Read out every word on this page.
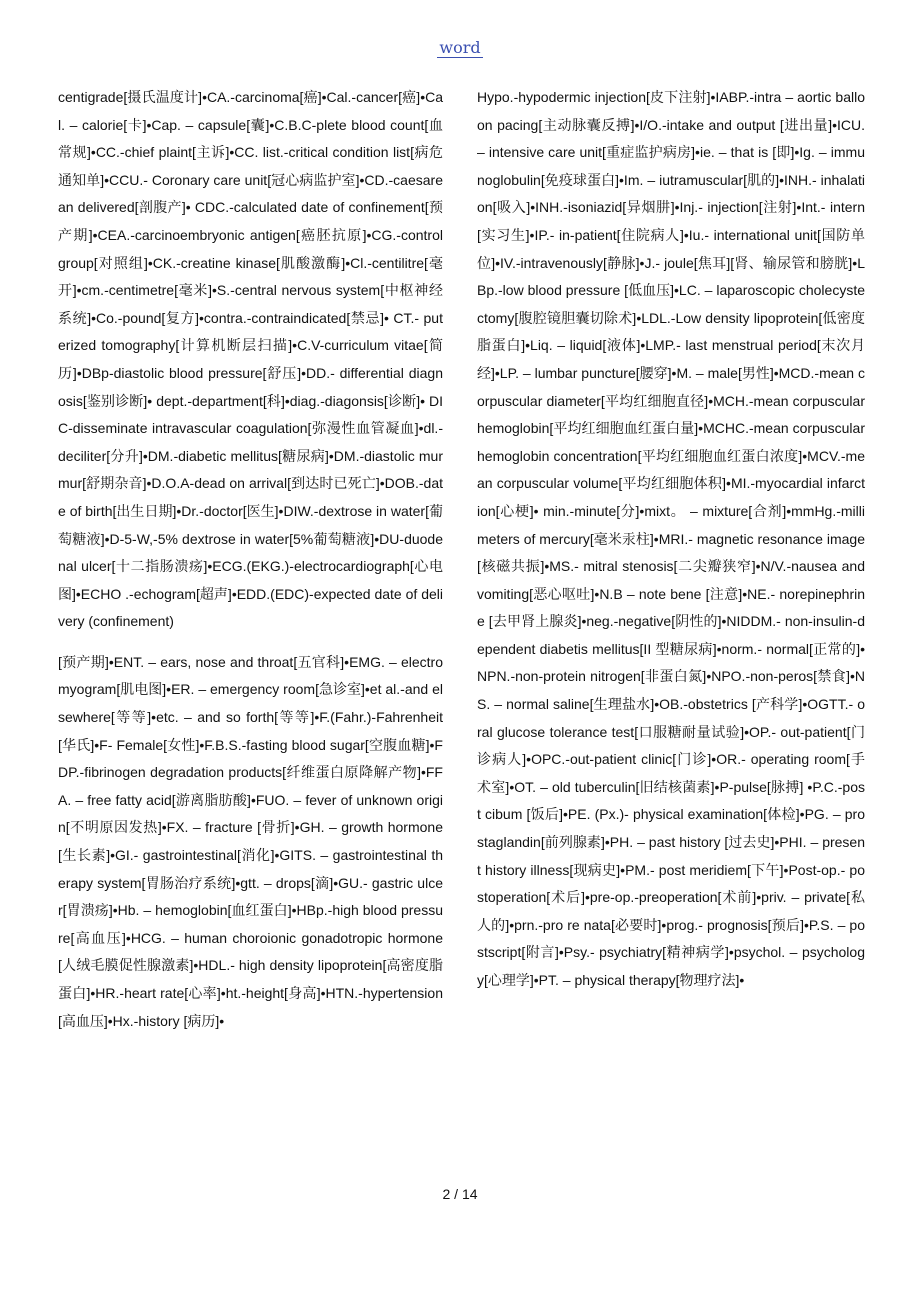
word

centigrade[摄氏温度计]•CA.-carcinoma[癌]•Cal.-cancer[癌]•Cal. – calorie[卡]•Cap. – capsule[囊]•C.B.C-plete blood count[血常规]•CC.-chief plaint[主诉]•CC. list.-critical condition list[病危通知单]•CCU.- Coronary care unit[冠心病监护室]•CD.-caesarean delivered[剖腹产]• CDC.-calculated date of confinement[预产期]•CEA.-carcinoembryonic antigen[癌胚抗原]•CG.-control group[对照组]•CK.-creatine kinase[肌酸激酶]•Cl.-centilitre[毫开]•cm.-centimetre[毫米]•S.-central nervous system[中枢神经系统]•Co.-pound[复方]•contra.-contraindicated[禁忌]• CT.- puterized tomography[计算机断层扫描]•C.V-curriculum vitae[简历]•DBp-diastolic blood pressure[舒压]•DD.- differential diagnosis[鉴别诊断]• dept.-department[科]•diag.-diagonsis[诊断]• DIC-disseminate intravascular coagulation[弥漫性血管凝血]•dl.-deciliter[分升]•DM.-diabetic mellitus[糖尿病]•DM.-diastolic murmur[舒期杂音]•D.O.A-dead on arrival[到达时已死亡]•DOB.-date of birth[出生日期]•Dr.-doctor[医生]•DIW.-dextrose in water[葡萄糖液]•D-5-W,-5% dextrose in water[5%葡萄糖液]•DU-duodenal ulcer[十二指肠溃疡]•ECG.(EKG.)-electrocardiograph[心电图]•ECHO .-echogram[超声]•EDD.(EDC)-expected date of delivery (confinement)

[预产期]•ENT. – ears, nose and throat[五官科]•EMG. – electromyogram[肌电图]•ER. – emergency room[急诊室]•et al.-and elsewhere[等等]•etc. – and so forth[等等]•F.(Fahr.)-Fahrenheit [华氏]•F- Female[女性]•F.B.S.-fasting blood sugar[空腹血糖]•FDP.-fibrinogen degradation products[纤维蛋白原降解产物]•FFA. – free fatty acid[游离脂肪酸]•FUO. – fever of unknown origin[不明原因发热]•FX. – fracture [骨折]•GH. – growth hormone[生长素]•GI.- gastrointestinal[消化]•GITS. – gastrointestinal therapy system[胃肠治疗系统]•gtt. – drops[滴]•GU.- gastric ulcer[胃溃疡]•Hb. – hemoglobin[血红蛋白]•HBp.-high blood pressure[高血压]•HCG. – human choroionic gonadotropic hormone[人绒毛膜促性腺激素]•HDL.- high density lipoprotein[高密度脂蛋白]•HR.-heart rate[心率]•ht.-height[身高]•HTN.-hypertension[高血压]•Hx.-history [病历]•

Hypo.-hypodermic injection[皮下注射]•IABP.-intra – aortic balloon pacing[主动脉囊反搏]•I/O.-intake and output [进出量]•ICU. – intensive care unit[重症监护病房]•ie. – that is [即]•Ig. – immunoglobulin[免疫球蛋白]•Im. – iutramuscular[肌的]•INH.- inhalation[吸入]•INH.-isoniazid[异烟肼]•Inj.- injection[注射]•Int.- intern[实习生]•IP.- in-patient[住院病人]•Iu.- international unit[国防单位]•IV.-intravenously[静脉]•J.- joule[焦耳][肾、输尿管和膀胱]•LBp.-low blood pressure [低血压]•LC. – laparoscopic cholecystectomy[腹腔镜胆囊切除术]•LDL.-Low density lipoprotein[低密度脂蛋白]•Liq. – liquid[液体]•LMP.- last menstrual period[末次月经]•LP. – lumbar puncture[腰穿]•M. – male[男性]•MCD.-mean corpuscular diameter[平均红细胞直径]•MCH.-mean corpuscular hemoglobin[平均红细胞血红蛋白量]•MCHC.-mean corpuscular hemoglobin concentration[平均红细胞血红蛋白浓度]•MCV.-mean corpuscular volume[平均红细胞体积]•MI.-myocardial infarction[心梗]• min.-minute[分]•mixt。 – mixture[合剂]•mmHg.-millimeters of mercury[毫米汞柱]•MRI.- magnetic resonance image[核磁共振]•MS.- mitral stenosis[二尖瓣狭窄]•N/V.-nausea and vomiting[恶心呕吐]•N.B – note bene [注意]•NE.- norepinephrine [去甲肾上腺炎]•neg.-negative[阴性的]•NIDDM.- non-insulin-dependent diabetis mellitus[II 型糖尿病]•norm.- normal[正常的]•NPN.-non-protein nitrogen[非蛋白氮]•NPO.-non-peros[禁食]•NS. – normal saline[生理盐水]•OB.-obstetrics [产科学]•OGTT.- oral glucose tolerance test[口服糖耐量试验]•OP.- out-patient[门诊病人]•OPC.-out-patient clinic[门诊]•OR.- operating room[手术室]•OT. – old tuberculin[旧结核菌素]•P-pulse[脉搏] •P.C.-post cibum [饭后]•PE. (Px.)- physical examination[体检]•PG. – prostaglandin[前列腺素]•PH. – past history [过去史]•PHI. – present history illness[现病史]•PM.- post meridiem[下午]•Post-op.- postoperation[术后]•pre-op.-preoperation[术前]•priv. – private[私人的]•prn.-pro re nata[必要时]•prog.- prognosis[预后]•P.S. – postscript[附言]•Psy.- psychiatry[精神病学]•psychol. – psychology[心理学]•PT. – physical therapy[物理疗法]•

2 / 14
